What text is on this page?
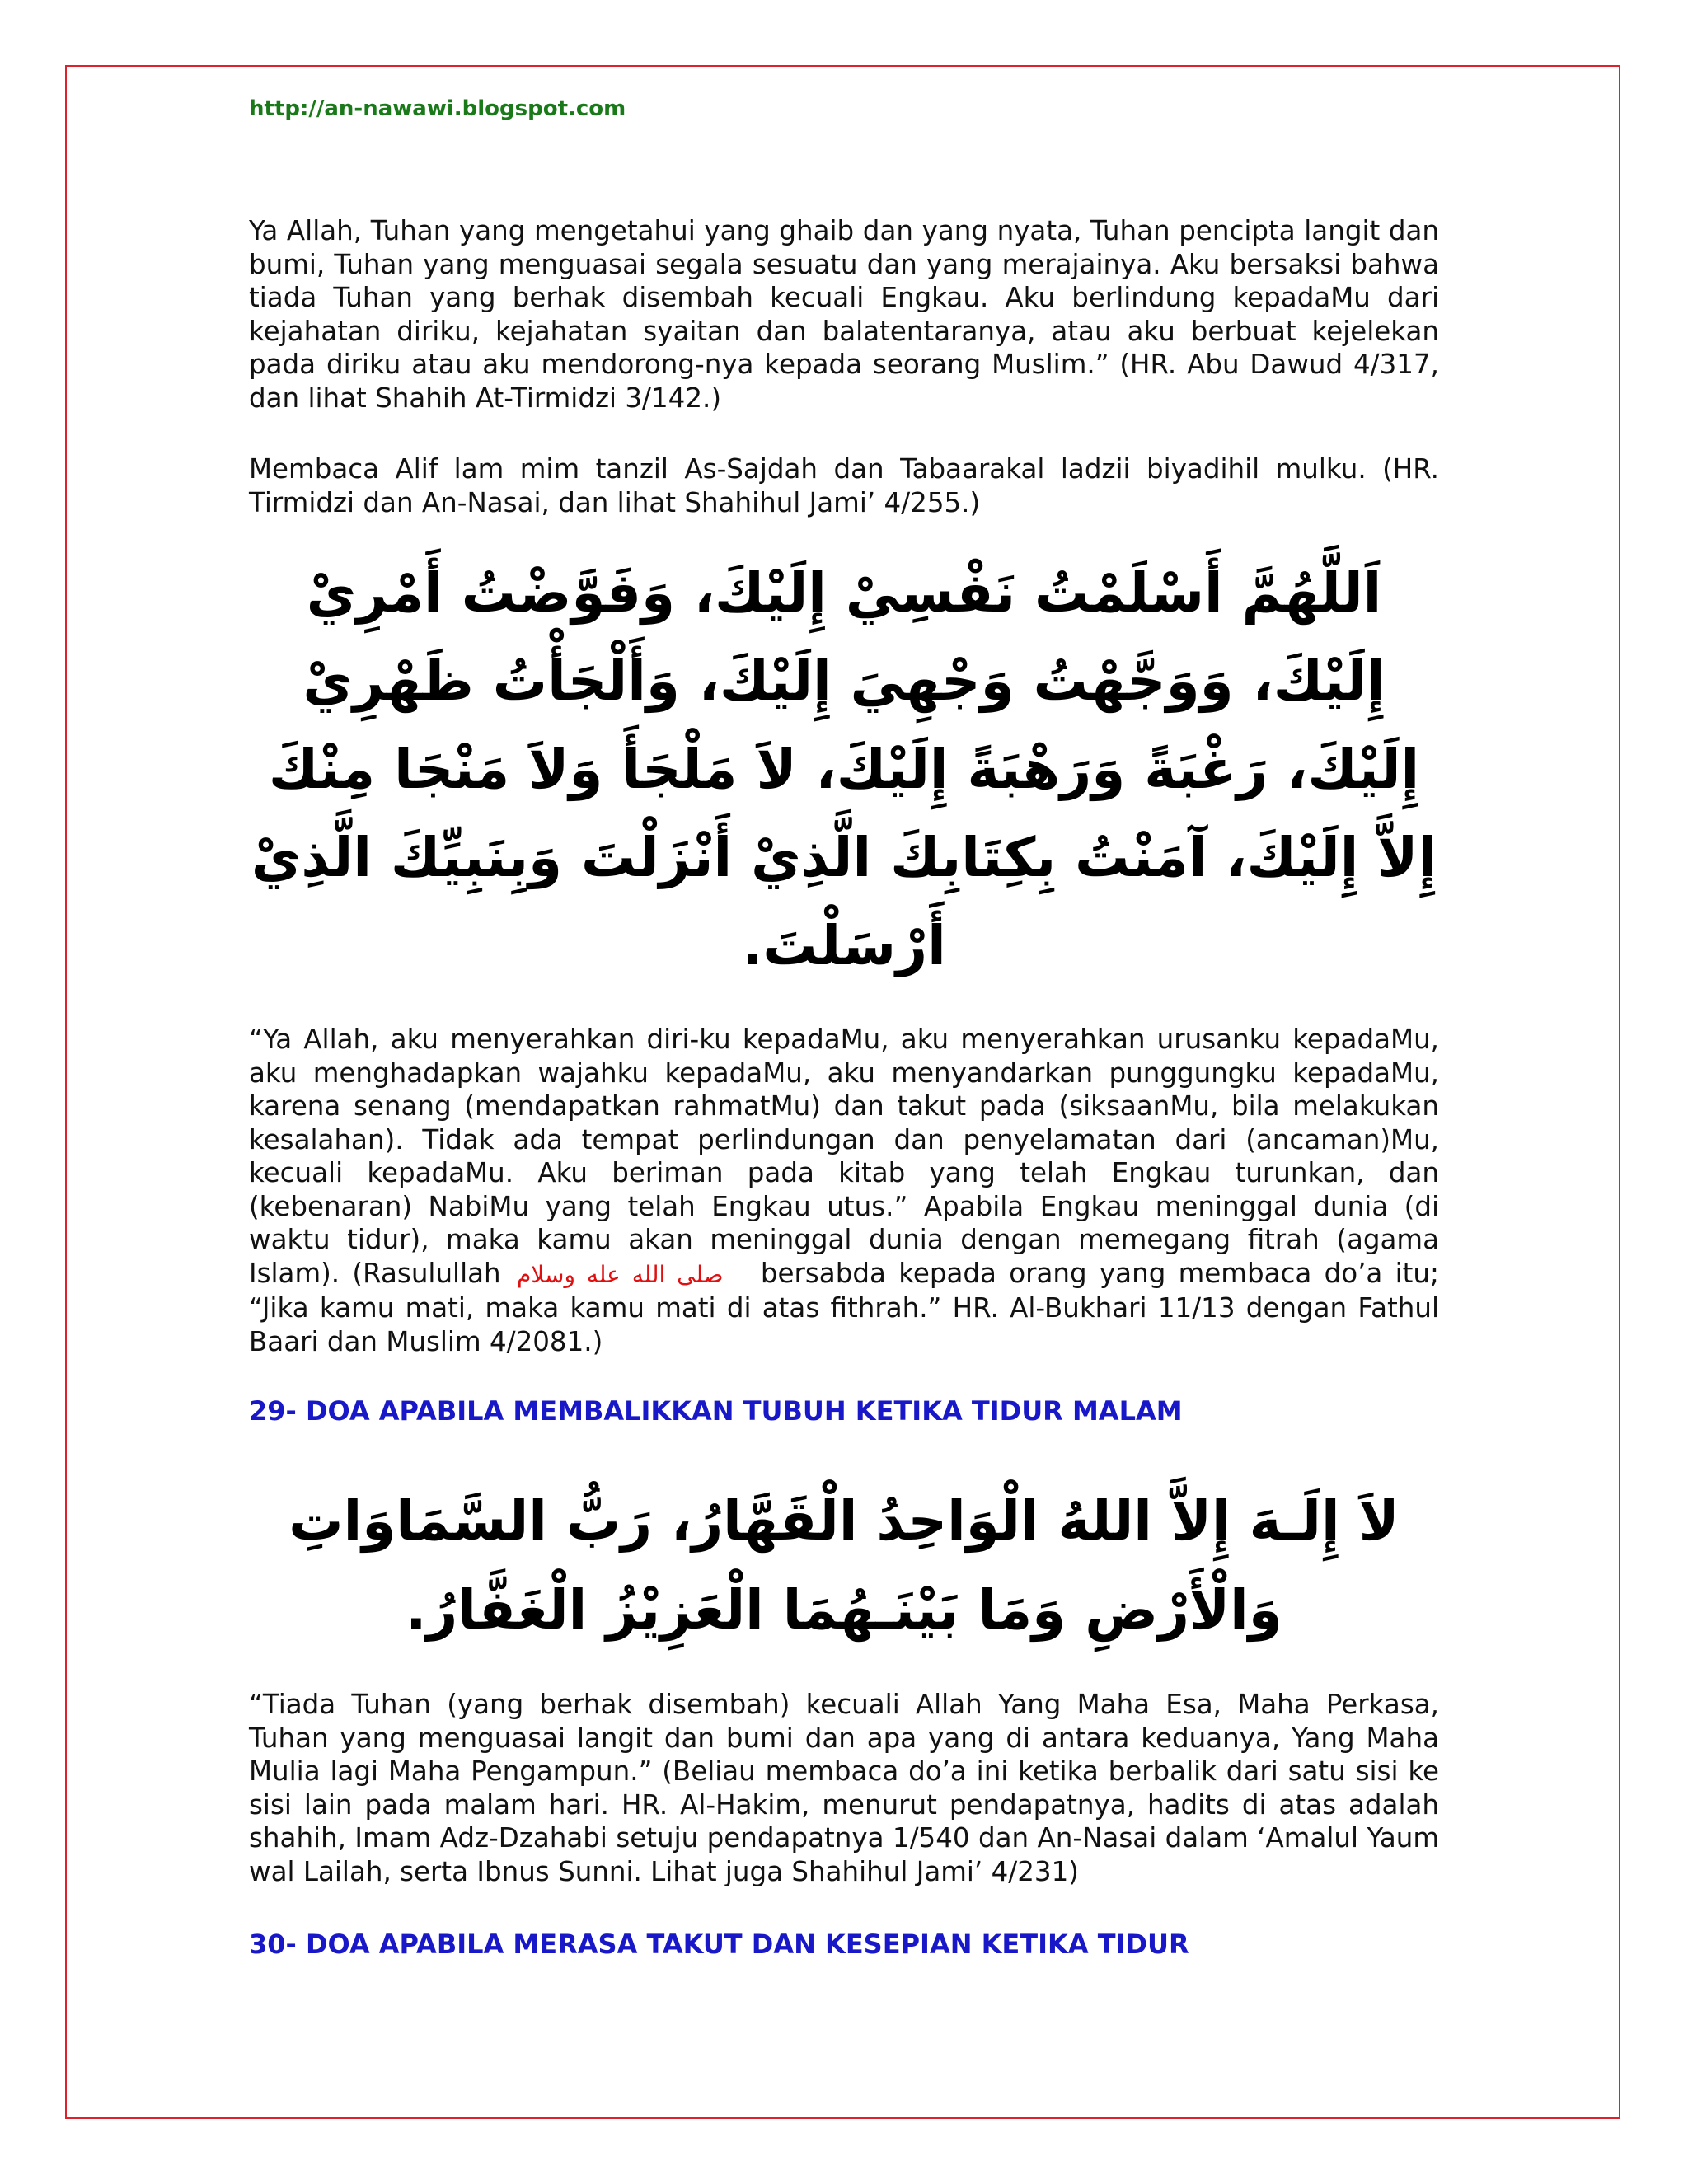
http://an-nawawi.blogspot.com

Ya Allah, Tuhan yang mengetahui yang ghaib dan yang nyata, Tuhan pencipta langit dan bumi, Tuhan yang menguasai segala sesuatu dan yang merajainya. Aku bersaksi bahwa tiada Tuhan yang berhak disembah kecuali Engkau. Aku berlindung kepadaMu dari kejahatan diriku, kejahatan syaitan dan balatentaranya, atau aku berbuat kejelekan pada diriku atau aku mendorong-nya kepada seorang Muslim.” (HR. Abu Dawud 4/317, dan lihat Shahih At-Tirmidzi 3/142.)

Membaca Alif lam mim tanzil As-Sajdah dan Tabaarakal ladzii biyadihil mulku. (HR. Tirmidzi dan An-Nasai, dan lihat Shahihul Jami’ 4/255.)

اَللَّهُمَّ أَسْلَمْتُ نَفْسِيْ إِلَيْكَ، وَفَوَّضْتُ أَمْرِيْ إِلَيْكَ، وَوَجَّهْتُ وَجْهِيَ إِلَيْكَ، وَأَلْجَأْتُ ظَهْرِيْ إِلَيْكَ، رَغْبَةً وَرَهْبَةً إِلَيْكَ، لاَ مَلْجَأَ وَلاَ مَنْجَا مِنْكَ إِلاَّ إِلَيْكَ، آمَنْتُ بِكِتَابِكَ الَّذِيْ أَنْزَلْتَ وَبِنَبِيِّكَ الَّذِيْ أَرْسَلْتَ.

“Ya Allah, aku menyerahkan diri-ku kepadaMu, aku menyerahkan urusanku kepadaMu, aku menghadapkan wajahku kepadaMu, aku menyandarkan punggungku kepadaMu, karena senang (mendapatkan rahmatMu) dan takut pada (siksaanMu, bila melakukan kesalahan). Tidak ada tempat perlindungan dan penyelamatan dari (ancaman)Mu, kecuali kepadaMu. Aku beriman pada kitab yang telah Engkau turunkan, dan (kebenaran) NabiMu yang telah Engkau utus.” Apabila Engkau meninggal dunia (di waktu tidur), maka kamu akan meninggal dunia dengan memegang fitrah (agama Islam). (Rasulullah صلى الله عله وسلام bersabda kepada orang yang membaca do’a itu; “Jika kamu mati, maka kamu mati di atas fithrah.” HR. Al-Bukhari 11/13 dengan Fathul Baari dan Muslim 4/2081.)

29- DOA APABILA MEMBALIKKAN TUBUH KETIKA TIDUR MALAM

لاَ إِلَـهَ إِلاَّ اللهُ الْوَاحِدُ الْقَهَّارُ، رَبُّ السَّمَاوَاتِ وَالْأَرْضِ وَمَا بَيْنَـهُمَا الْعَزِيْزُ الْغَفَّارُ.

“Tiada Tuhan (yang berhak disembah) kecuali Allah Yang Maha Esa, Maha Perkasa, Tuhan yang menguasai langit dan bumi dan apa yang di antara keduanya, Yang Maha Mulia lagi Maha Pengampun.” (Beliau membaca do’a ini ketika berbalik dari satu sisi ke sisi lain pada malam hari. HR. Al-Hakim, menurut pendapatnya, hadits di atas adalah shahih, Imam Adz-Dzahabi setuju pendapatnya 1/540 dan An-Nasai dalam ‘Amalul Yaum wal Lailah, serta Ibnus Sunni. Lihat juga Shahihul Jami’ 4/231)

30- DOA APABILA MERASA TAKUT DAN KESEPIAN KETIKA TIDUR
